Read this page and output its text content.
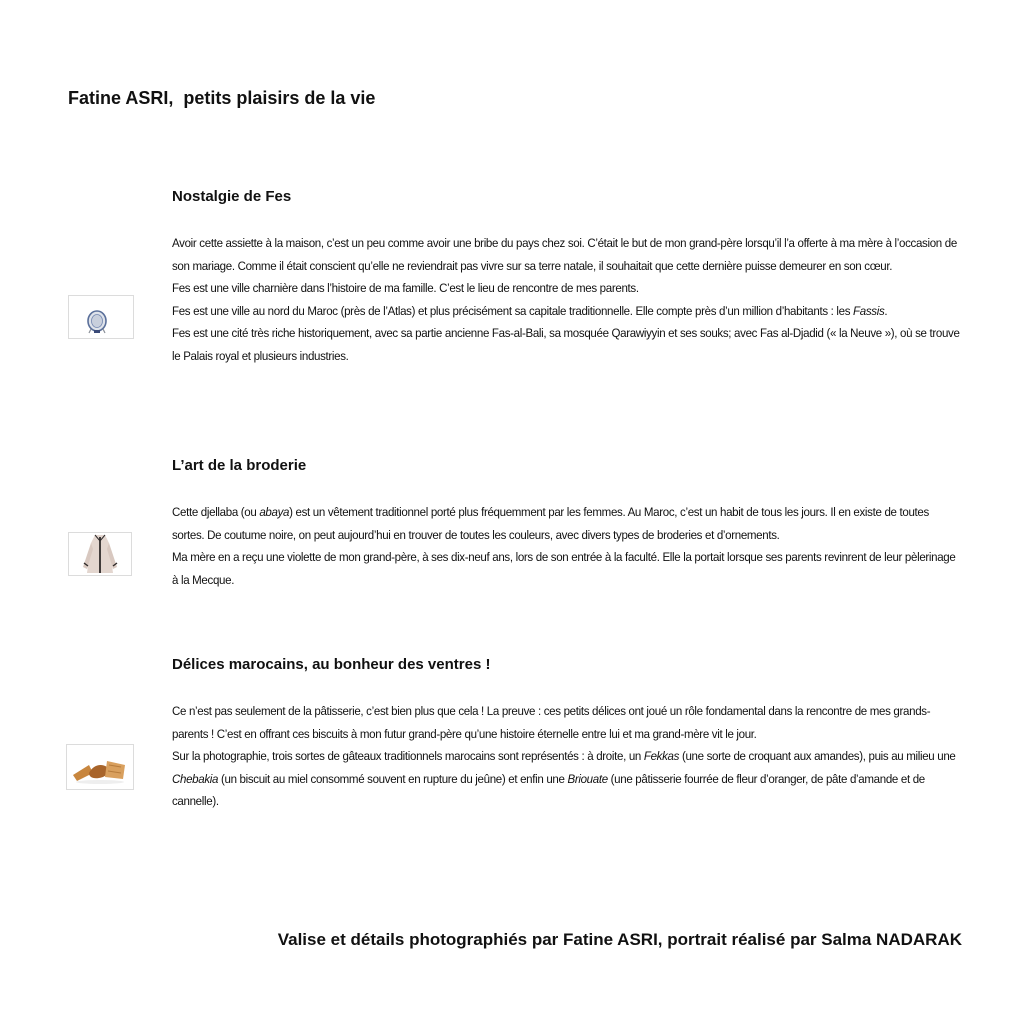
Fatine ASRI,  petits plaisirs de la vie
Nostalgie de Fes

Avoir cette assiette à la maison, c’est un peu comme avoir une bribe du pays chez soi. C’était le but de mon grand-père lorsqu’il l’a offerte à ma mère à l’occasion de son mariage. Comme il était conscient qu’elle ne reviendrait pas vivre sur sa terre natale, il souhaitait que cette dernière puisse demeurer en son cœur.

Fes est une ville charnière dans l’histoire de ma famille. C’est le lieu de rencontre de mes parents.

Fes est une ville au nord du Maroc (près de l’Atlas) et plus précisément sa capitale traditionnelle. Elle compte près d’un million d’habitants : les Fassis.

Fes est une cité très riche historiquement, avec sa partie ancienne Fas-al-Bali, sa mosquée Qarawiyyin et ses souks; avec Fas al-Djadid (« la Neuve »), où se trouve le Palais royal et plusieurs industries.

L’art de la broderie

Cette djellaba (ou abaya) est un vêtement traditionnel porté plus fréquemment par les femmes. Au Maroc, c’est un habit de tous les jours. Il en existe de toutes sortes. De coutume noire, on peut aujourd’hui en trouver de toutes les couleurs, avec divers types de broderies et d’ornements.

Ma mère en a reçu une violette de mon grand-père, à ses dix-neuf ans, lors de son entrée à la faculté. Elle la portait lorsque ses parents revinrent de leur pèlerinage à la Mecque.

Délices marocains, au bonheur des ventres !

Ce n’est pas seulement de la pâtisserie, c’est bien plus que cela ! La preuve : ces petits délices ont joué un rôle fondamental dans la rencontre de mes grands-parents ! C’est en offrant ces biscuits à mon futur grand-père qu’une histoire éternelle entre lui et ma grand-mère vit le jour.

Sur la photographie, trois sortes de gâteaux traditionnels marocains sont représentés : à droite, un Fekkas (une sorte de croquant aux amandes), puis au milieu une Chebakia (un biscuit au miel consommé souvent en rupture du jeûne) et enfin une Briouate (une pâtisserie fourrée de fleur d’oranger, de pâte d’amande et de cannelle).

Valise et détails photographiés par Fatine ASRI, portrait réalisé par Salma NADARAK
